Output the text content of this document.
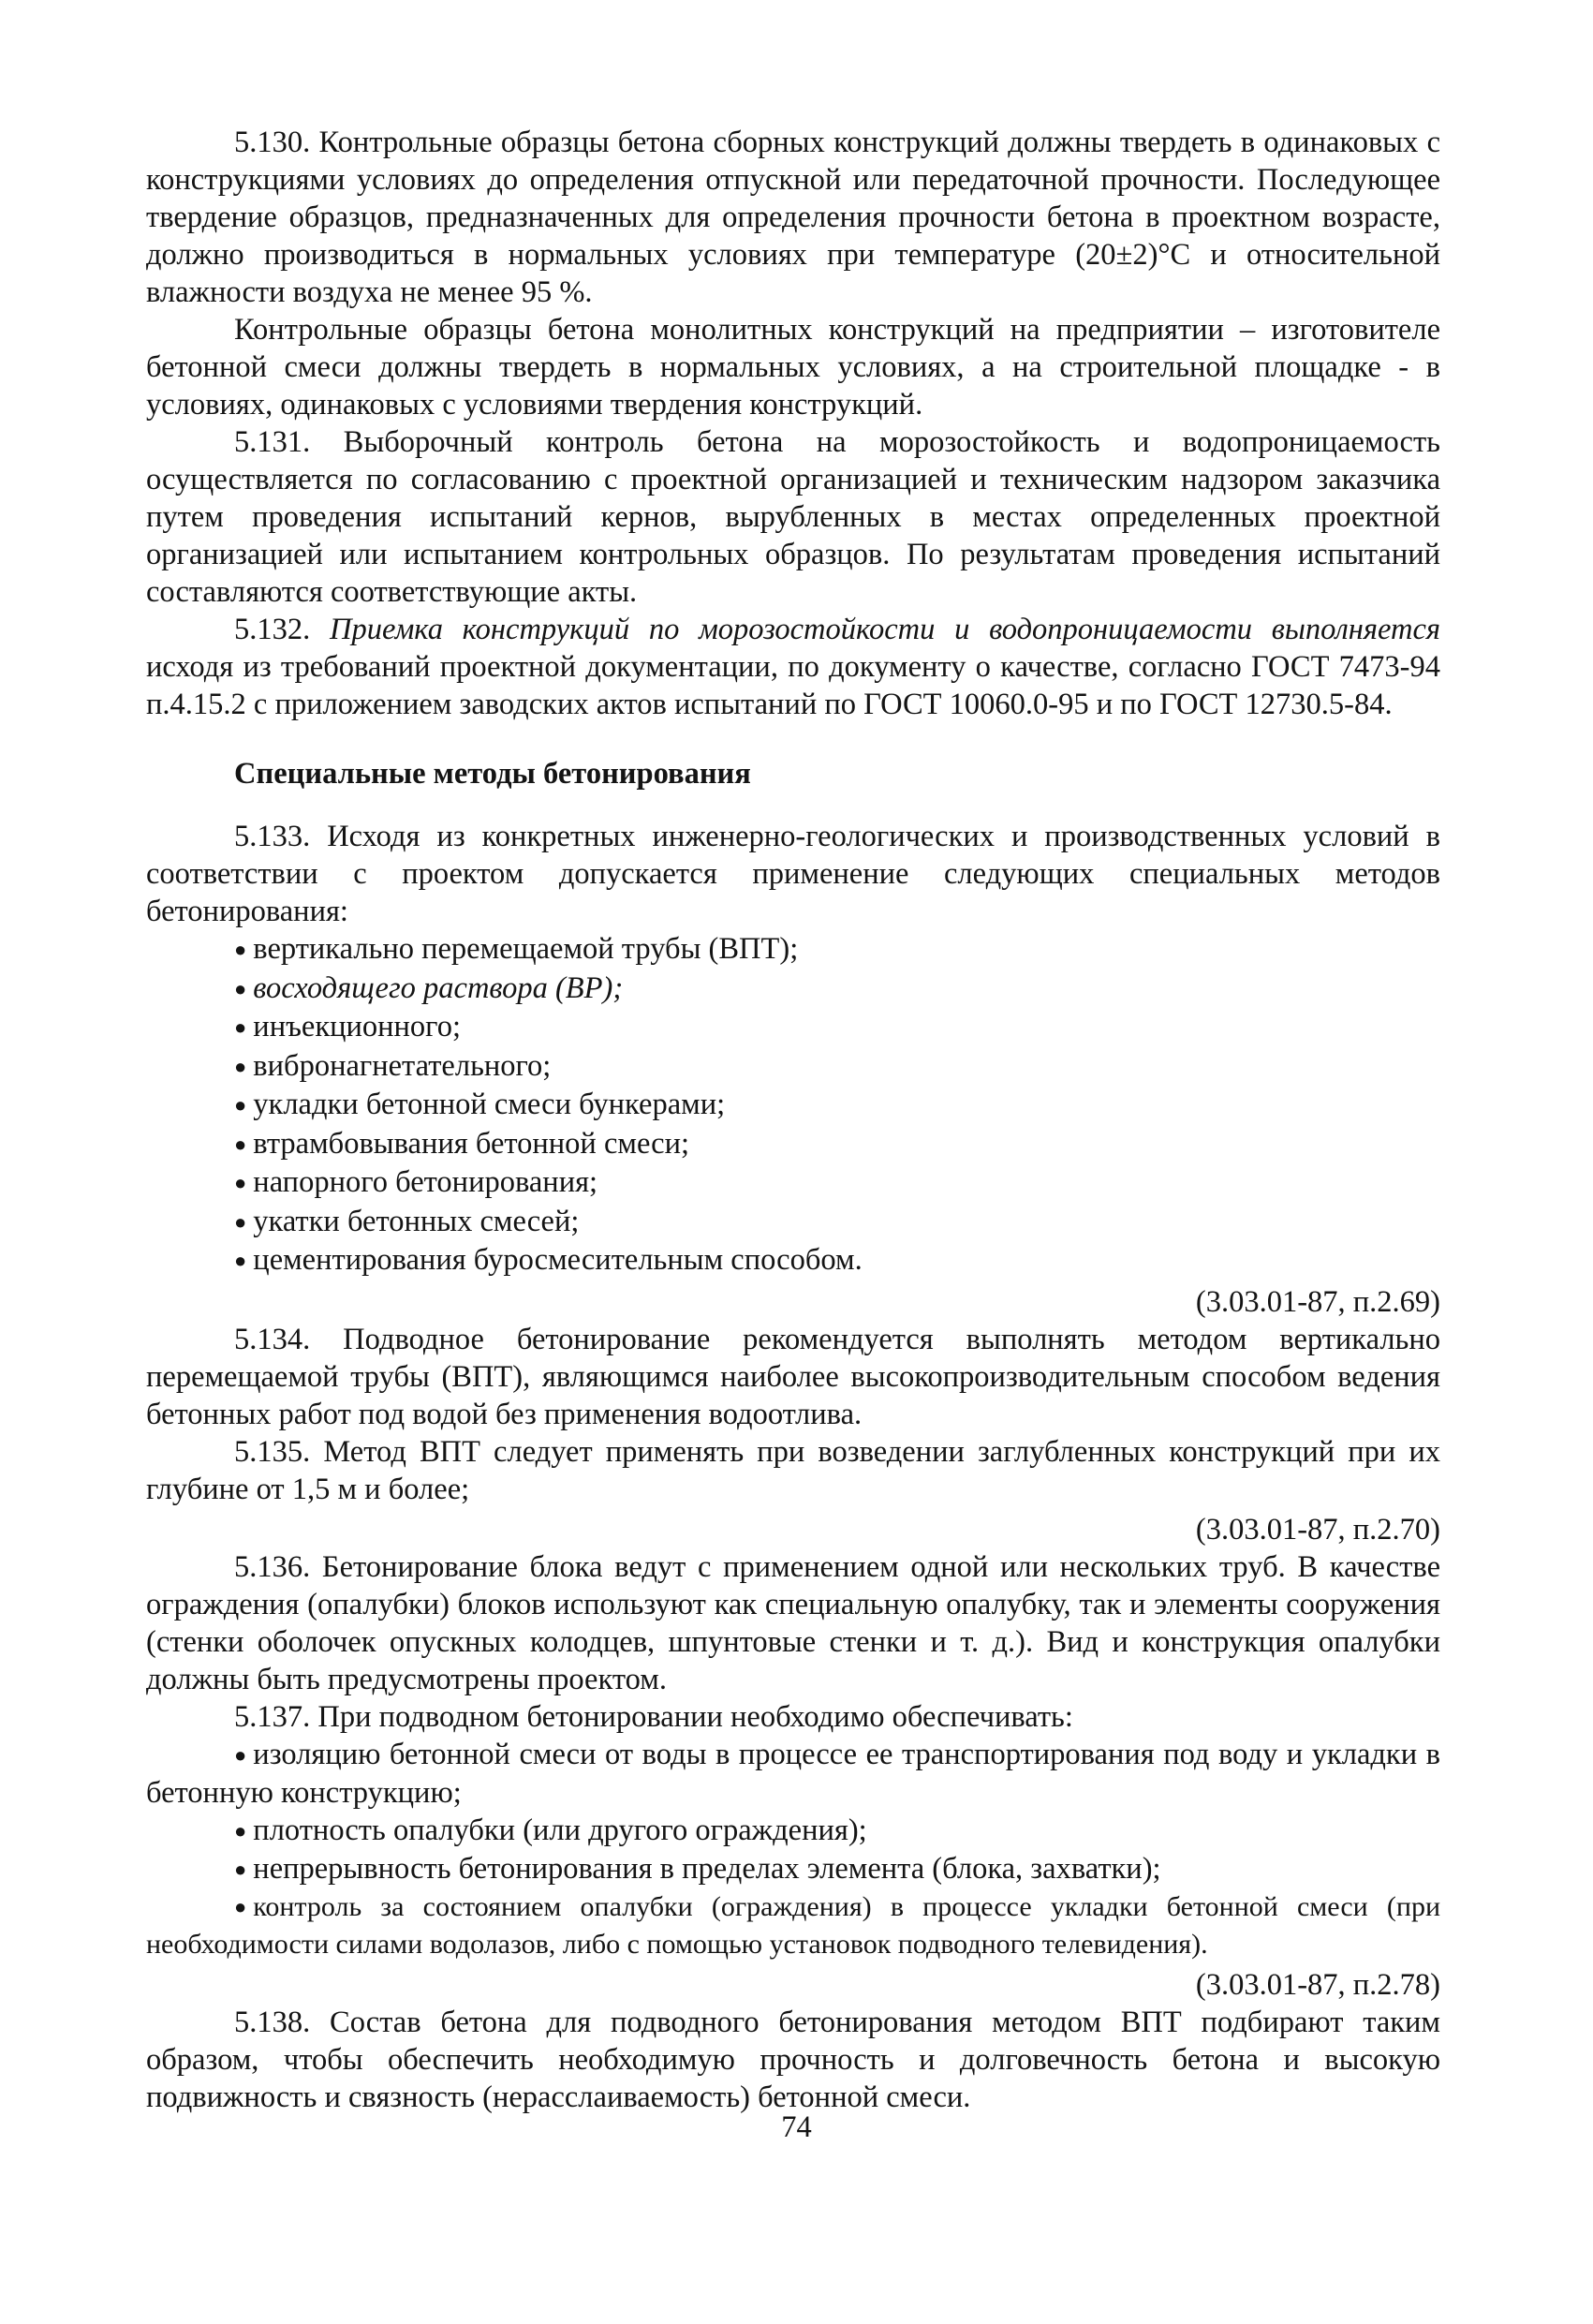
5.130. Контрольные образцы бетона сборных конструкций должны твердеть в одинаковых с конструкциями условиях до определения отпускной или передаточной прочности. Последующее твердение образцов, предназначенных для определения прочности бетона в проектном возрасте, должно производиться в нормальных условиях при температуре (20±2)°С и относительной влажности воздуха не менее 95 %.

Контрольные образцы бетона монолитных конструкций на предприятии – изготовителе бетонной смеси должны твердеть в нормальных условиях, а на строительной площадке - в условиях, одинаковых с условиями твердения конструкций.

5.131. Выборочный контроль бетона на морозостойкость и водопроницаемость осуществляется по согласованию с проектной организацией и техническим надзором заказчика путем проведения испытаний кернов, вырубленных в местах определенных проектной организацией или испытанием контрольных образцов. По результатам проведения испытаний составляются соответствующие акты.

5.132. Приемка конструкций по морозостойкости и водопроницаемости выполняется исходя из требований проектной документации, по документу о качестве, согласно ГОСТ 7473-94 п.4.15.2 с приложением заводских актов испытаний по ГОСТ 10060.0-95 и по ГОСТ 12730.5-84.

Специальные методы бетонирования

5.133. Исходя из конкретных инженерно-геологических и производственных условий в соответствии с проектом допускается применение следующих специальных методов бетонирования:

● вертикально перемещаемой трубы (ВПТ);
● восходящего раствора (ВР);
● инъекционного;
● вибронагнетательного;
● укладки бетонной смеси бункерами;
● втрамбовывания бетонной смеси;
● напорного бетонирования;
● укатки бетонных смесей;
● цементирования буросмесительным способом.

(3.03.01-87, п.2.69)

5.134. Подводное бетонирование рекомендуется выполнять методом вертикально перемещаемой трубы (ВПТ), являющимся наиболее высокопроизводительным способом ведения бетонных работ под водой без применения водоотлива.

5.135. Метод ВПТ следует применять при возведении заглубленных конструкций при их глубине от 1,5 м и более;

(3.03.01-87, п.2.70)

5.136. Бетонирование блока ведут с применением одной или нескольких труб. В качестве ограждения (опалубки) блоков используют как специальную опалубку, так и элементы сооружения (стенки оболочек опускных колодцев, шпунтовые стенки и т. д.). Вид и конструкция опалубки должны быть предусмотрены проектом.

5.137. При подводном бетонировании необходимо обеспечивать:

● изоляцию бетонной смеси от воды в процессе ее транспортирования под воду и укладки в бетонную конструкцию;

● плотность опалубки (или другого ограждения);

● непрерывность бетонирования в пределах элемента (блока, захватки);

● контроль за состоянием опалубки (ограждения) в процессе укладки бетонной смеси (при необходимости силами водолазов, либо с помощью установок подводного телевидения).

(3.03.01-87, п.2.78)

5.138. Состав бетона для подводного бетонирования методом ВПТ подбирают таким образом, чтобы обеспечить необходимую прочность и долговечность бетона и высокую подвижность и связность (нерасслаиваемость) бетонной смеси.

74
